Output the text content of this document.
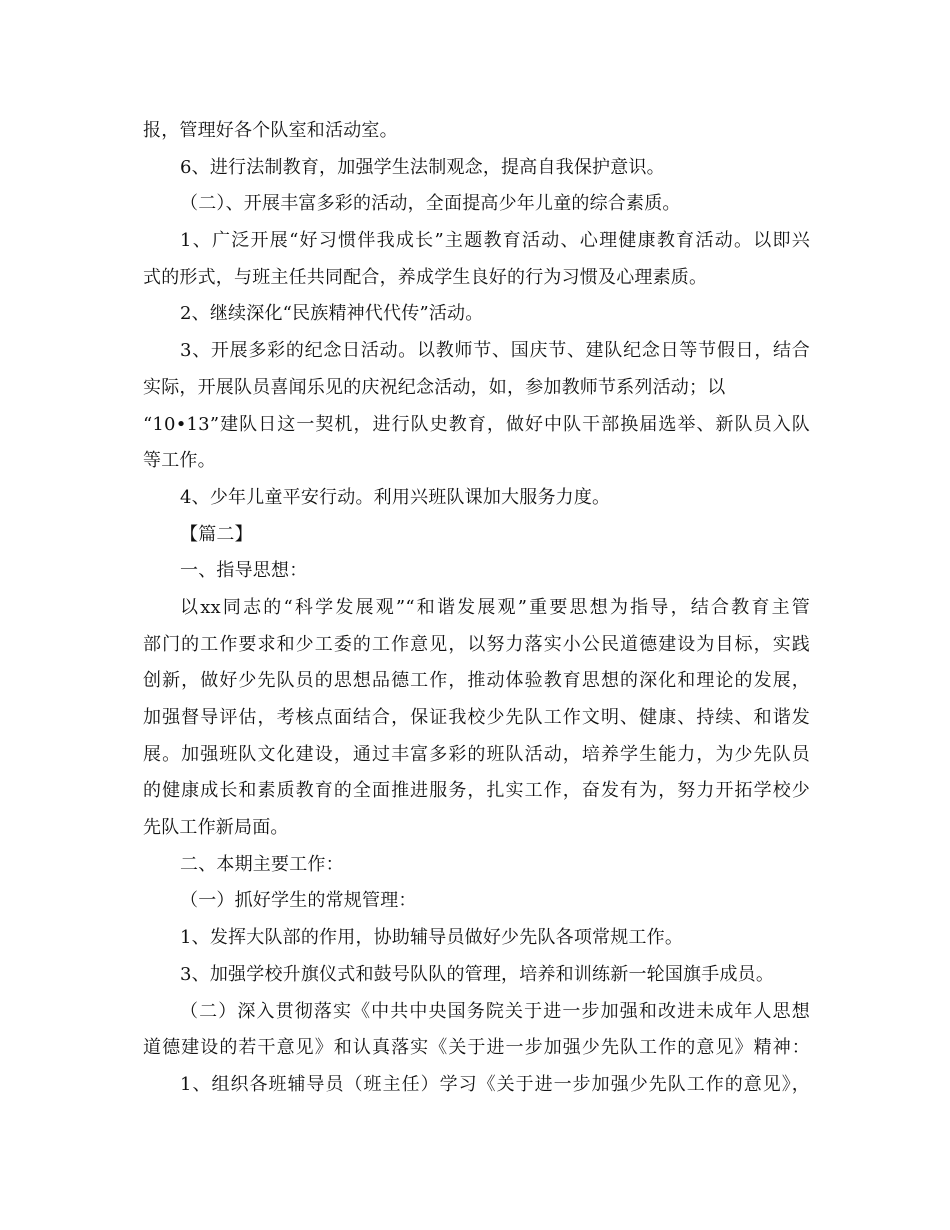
报，管理好各个队室和活动室。
6、进行法制教育，加强学生法制观念，提高自我保护意识。
（二）、开展丰富多彩的活动，全面提高少年儿童的综合素质。
1、广泛开展“好习惯伴我成长”主题教育活动、心理健康教育活动。以即兴
式的形式，与班主任共同配合，养成学生良好的行为习惯及心理素质。
2、继续深化“民族精神代代传”活动。
3、开展多彩的纪念日活动。以教师节、国庆节、建队纪念日等节假日，结合
实际，开展队员喜闻乐见的庆祝纪念活动，如，参加教师节系列活动；以
“10•13”建队日这一契机，进行队史教育，做好中队干部换届选举、新队员入队
等工作。
4、少年儿童平安行动。利用兴班队课加大服务力度。
【篇二】
一、指导思想：
以xx同志的“科学发展观”“和谐发展观”重要思想为指导，结合教育主管
部门的工作要求和少工委的工作意见，以努力落实小公民道德建设为目标，实践
创新，做好少先队员的思想品德工作，推动体验教育思想的深化和理论的发展，
加强督导评估，考核点面结合，保证我校少先队工作文明、健康、持续、和谐发
展。加强班队文化建设，通过丰富多彩的班队活动，培养学生能力，为少先队员
的健康成长和素质教育的全面推进服务，扎实工作，奋发有为，努力开拓学校少
先队工作新局面。
二、本期主要工作：
（一）抓好学生的常规管理：
1、发挥大队部的作用，协助辅导员做好少先队各项常规工作。
3、加强学校升旗仪式和鼓号队队的管理，培养和训练新一轮国旗手成员。
（二）深入贯彻落实《中共中央国务院关于进一步加强和改进未成年人思想
道德建设的若干意见》和认真落实《关于进一步加强少先队工作的意见》精神：
1、组织各班辅导员（班主任）学习《关于进一步加强少先队工作的意见》，
